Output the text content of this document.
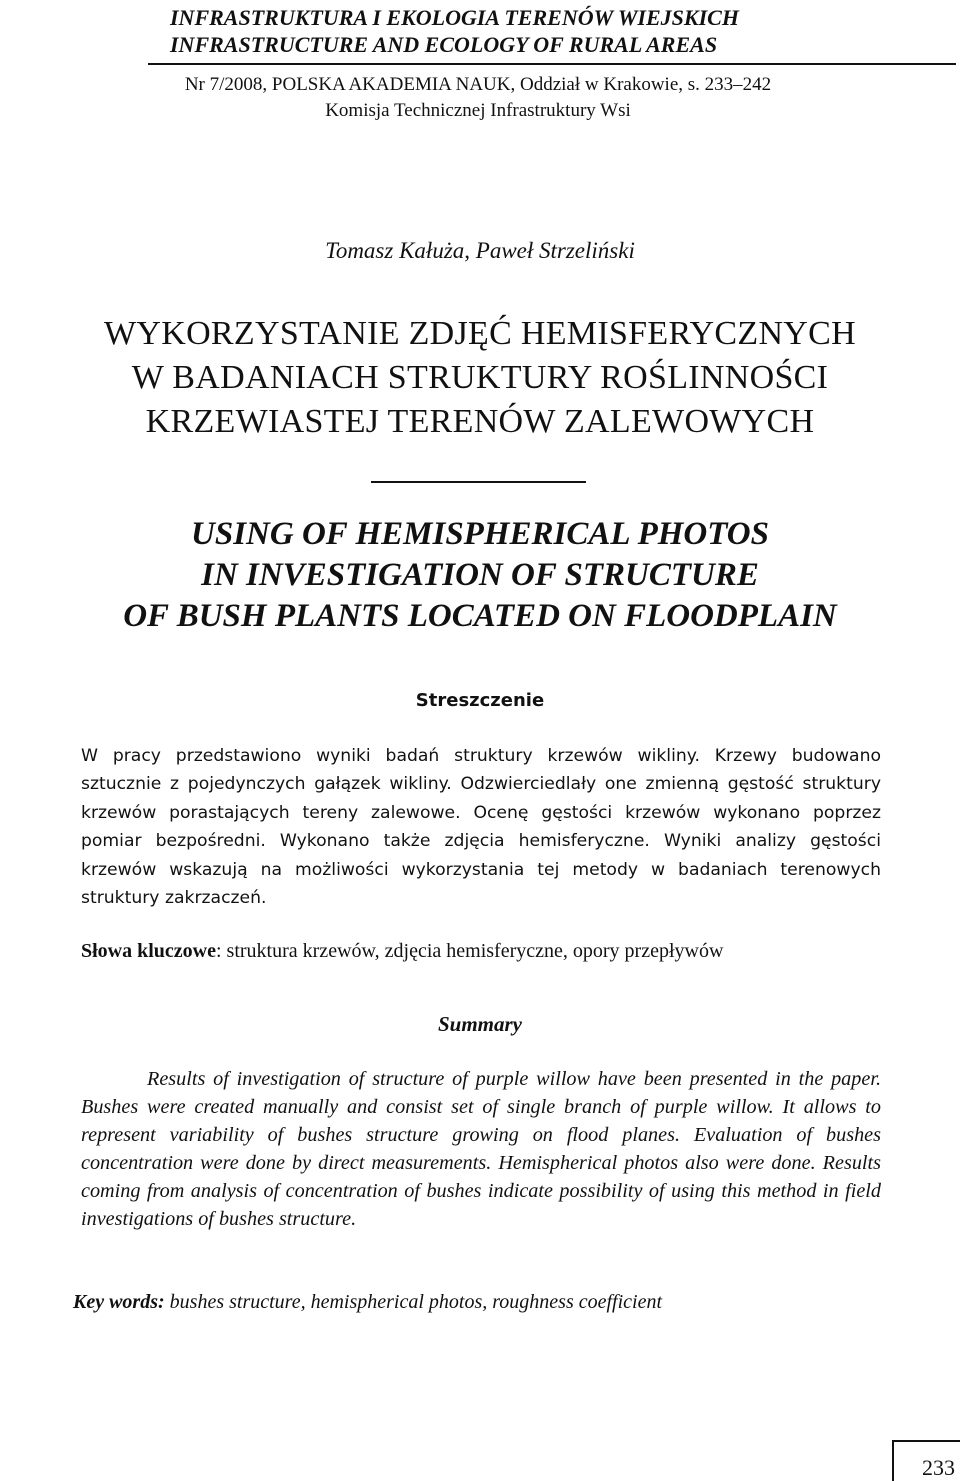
INFRASTRUKTURA I EKOLOGIA TERENÓW WIEJSKICH
INFRASTRUCTURE AND ECOLOGY OF RURAL AREAS
Nr 7/2008, POLSKA AKADEMIA NAUK, Oddział w Krakowie, s. 233–242
Komisja Technicznej Infrastruktury Wsi
Tomasz Kałuża, Paweł Strzeliński
WYKORZYSTANIE ZDJĘĆ HEMISFERYCZNYCH
W BADANIACH STRUKTURY ROŚLINNOŚCI
KRZEWIASTEJ TERENÓW ZALEWOWYCH
USING OF HEMISPHERICAL PHOTOS
IN INVESTIGATION OF STRUCTURE
OF BUSH PLANTS LOCATED ON FLOODPLAIN
Streszczenie
W pracy przedstawiono wyniki badań struktury krzewów wikliny. Krzewy budowano sztucznie z pojedynczych gałązek wikliny. Odzwierciedlały one zmienną gęstość struktury krzewów porastających tereny zalewowe. Ocenę gęstości krzewów wykonano poprzez pomiar bezpośredni. Wykonano także zdjęcia hemisferyczne. Wyniki analizy gęstości krzewów wskazują na możliwości wykorzystania tej metody w badaniach terenowych struktury zakrzaczeń.
Słowa kluczowe: struktura krzewów, zdjęcia hemisferyczne, opory przepływów
Summary
Results of investigation of structure of purple willow have been presented in the paper. Bushes were created manually and consist set of single branch of purple willow. It allows to represent variability of bushes structure growing on flood planes. Evaluation of bushes concentration were done by direct measurements. Hemispherical photos also were done. Results coming from analysis of concentration of bushes indicate possibility of using this method in field investigations of bushes structure.
Key words: bushes structure, hemispherical photos, roughness coefficient
233
